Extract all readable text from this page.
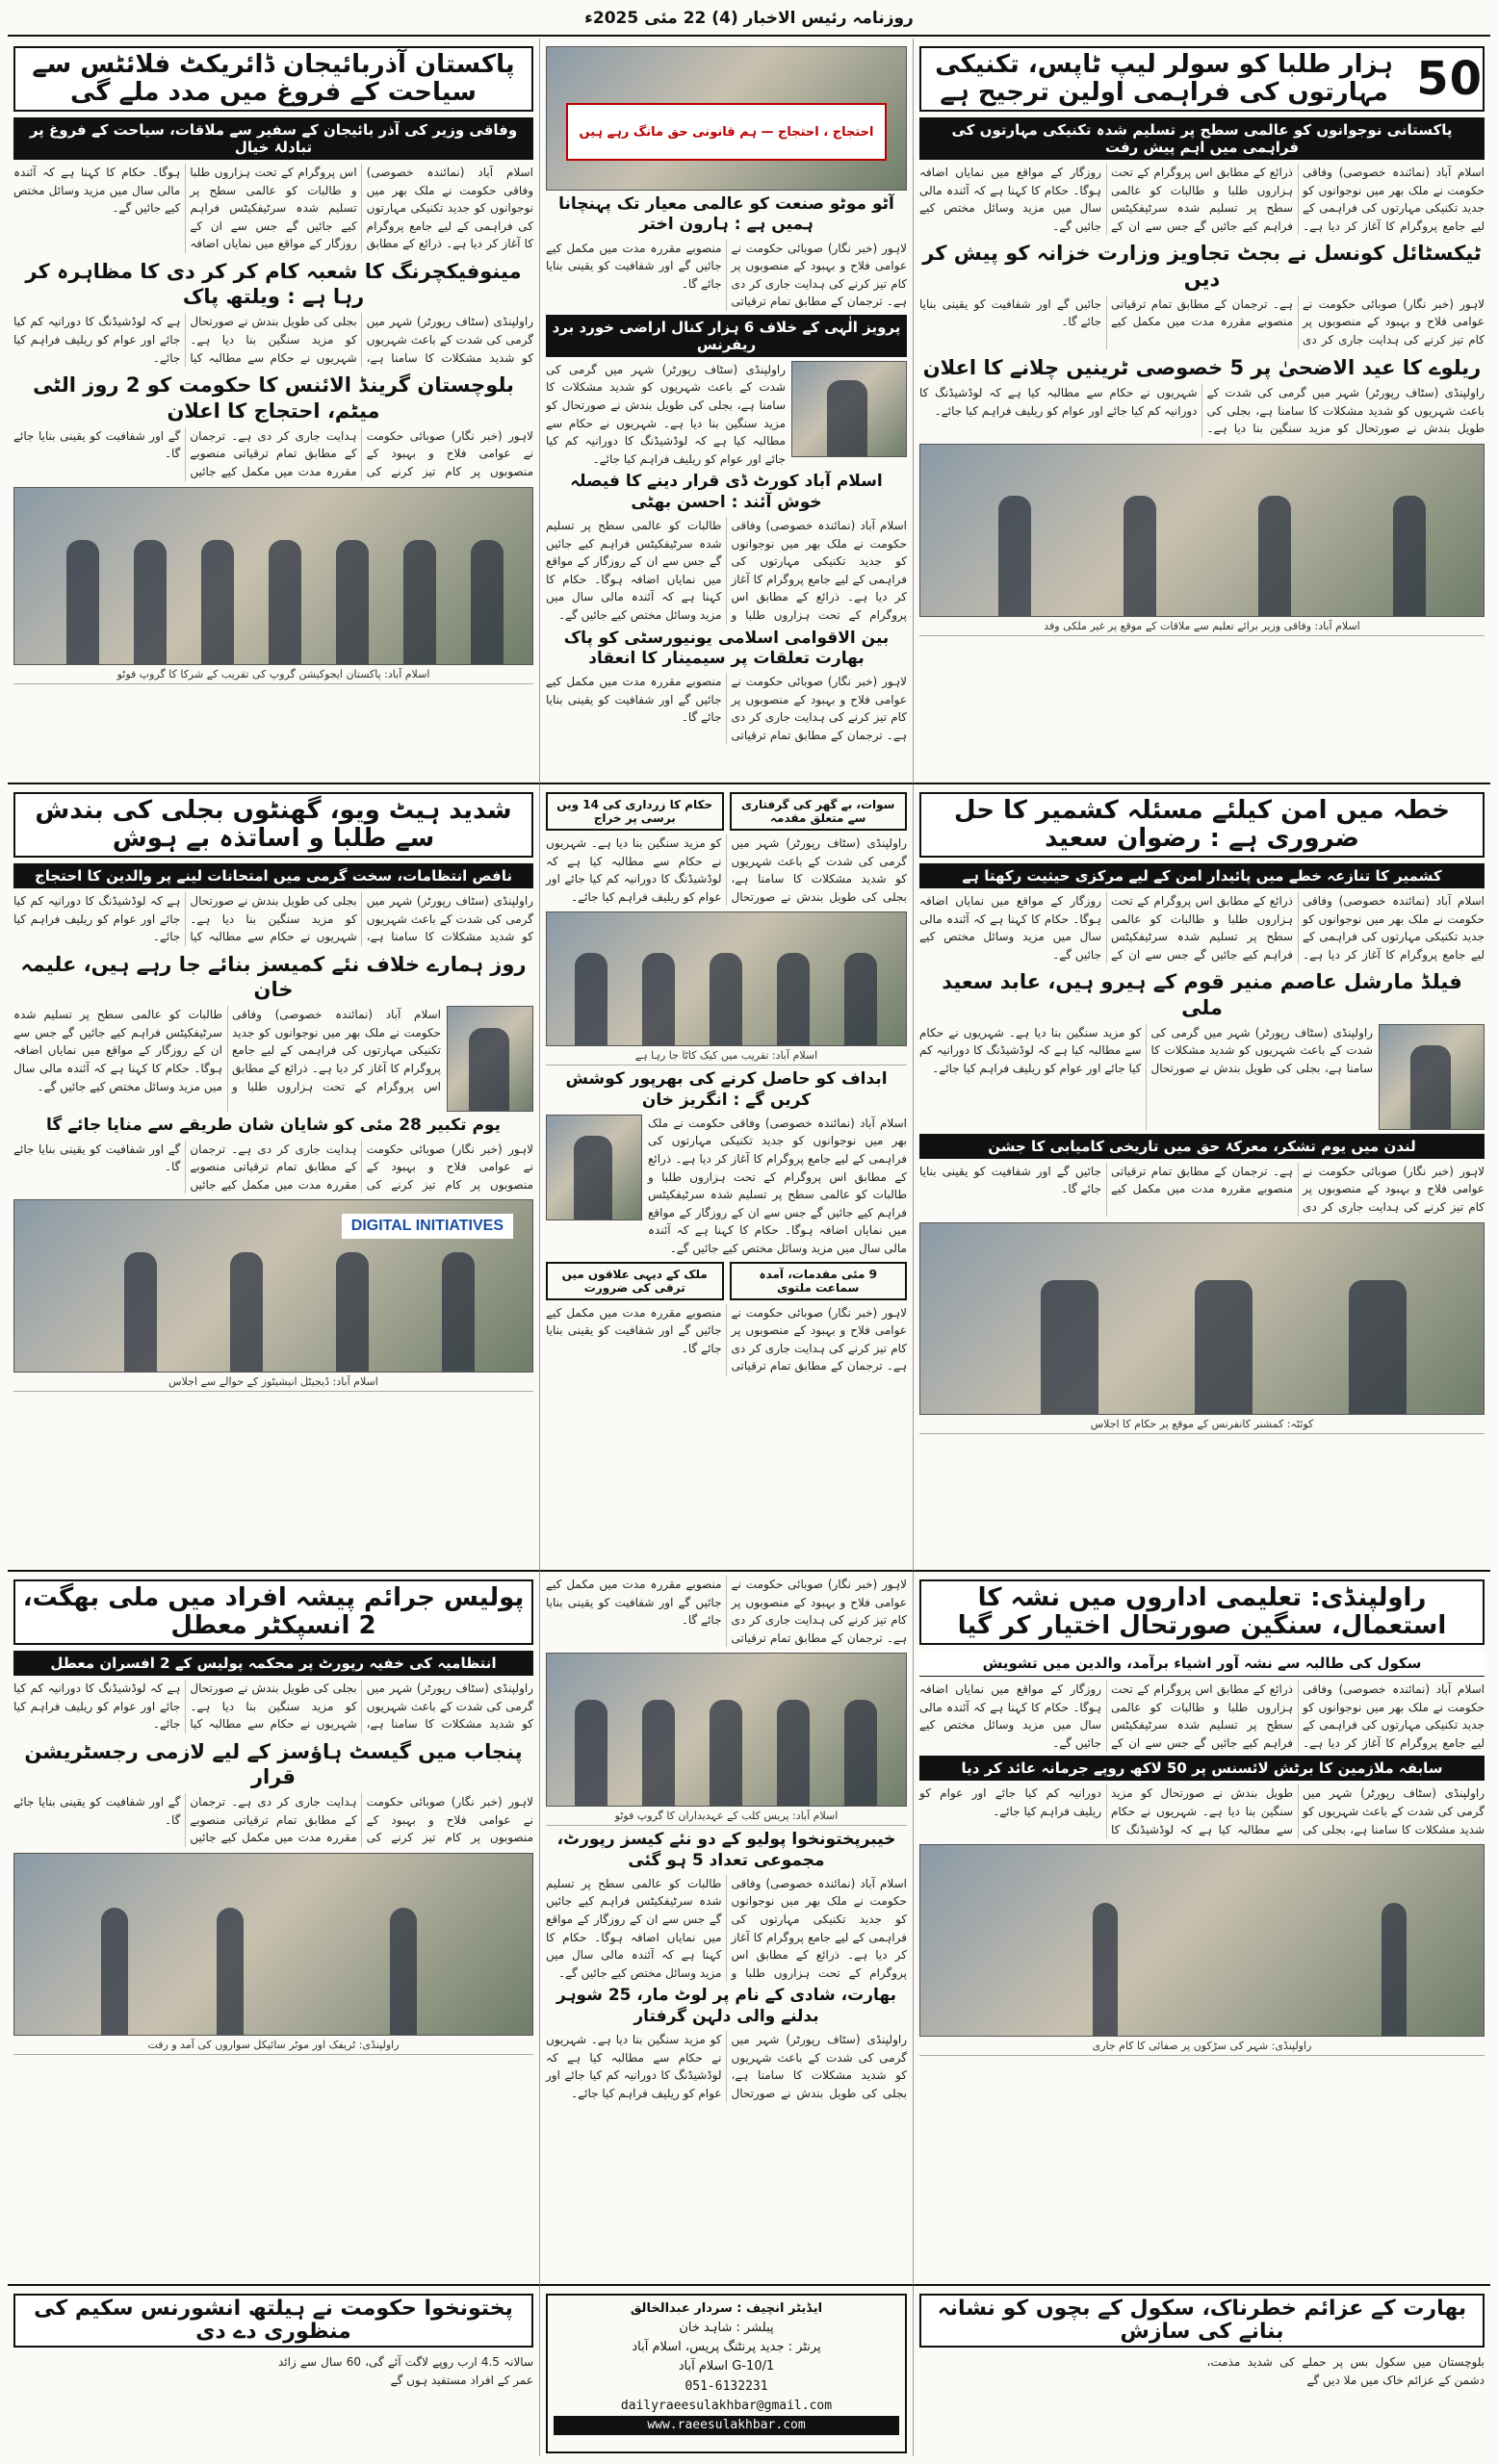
روزنامہ رئیس الاخبار (4) 22 مئی 2025ء
50
ہزار طلبا کو سولر لیپ ٹاپس، تکنیکی مہارتوں کی فراہمی اولین ترجیح ہے
پاکستانی نوجوانوں کو عالمی سطح پر تسلیم شدہ تکنیکی مہارتوں کی فراہمی میں اہم پیش رفت
اسلام آباد (نمائندہ خصوصی) وفاقی حکومت نے ملک بھر میں نوجوانوں کو جدید تکنیکی مہارتوں کی فراہمی کے لیے جامع پروگرام کا آغاز کر دیا ہے۔ ذرائع کے مطابق اس پروگرام کے تحت ہزاروں طلبا و طالبات کو عالمی سطح پر تسلیم شدہ سرٹیفکیٹس فراہم کیے جائیں گے جس سے ان کے روزگار کے مواقع میں نمایاں اضافہ ہوگا۔ حکام کا کہنا ہے کہ آئندہ مالی سال میں مزید وسائل مختص کیے جائیں گے۔
ٹیکسٹائل کونسل نے بجٹ تجاویز وزارت خزانہ کو پیش کر دیں
لاہور (خبر نگار) صوبائی حکومت نے عوامی فلاح و بہبود کے منصوبوں پر کام تیز کرنے کی ہدایت جاری کر دی ہے۔ ترجمان کے مطابق تمام ترقیاتی منصوبے مقررہ مدت میں مکمل کیے جائیں گے اور شفافیت کو یقینی بنایا جائے گا۔
ریلوے کا عید الاضحیٰ پر 5 خصوصی ٹرینیں چلانے کا اعلان
راولپنڈی (سٹاف رپورٹر) شہر میں گرمی کی شدت کے باعث شہریوں کو شدید مشکلات کا سامنا ہے، بجلی کی طویل بندش نے صورتحال کو مزید سنگین بنا دیا ہے۔ شہریوں نے حکام سے مطالبہ کیا ہے کہ لوڈشیڈنگ کا دورانیہ کم کیا جائے اور عوام کو ریلیف فراہم کیا جائے۔
اسلام آباد: وفاقی وزیر برائے تعلیم سے ملاقات کے موقع پر غیر ملکی وفد
احتجاج ، احتجاج — ہم قانونی حق مانگ رہے ہیں
آٹو موٹو صنعت کو عالمی معیار تک پہنچانا ہمیں ہے : ہارون اختر
لاہور (خبر نگار) صوبائی حکومت نے عوامی فلاح و بہبود کے منصوبوں پر کام تیز کرنے کی ہدایت جاری کر دی ہے۔ ترجمان کے مطابق تمام ترقیاتی منصوبے مقررہ مدت میں مکمل کیے جائیں گے اور شفافیت کو یقینی بنایا جائے گا۔
پرویز الٰہی کے خلاف 6 ہزار کنال اراضی خورد برد ریفرنس
راولپنڈی (سٹاف رپورٹر) شہر میں گرمی کی شدت کے باعث شہریوں کو شدید مشکلات کا سامنا ہے، بجلی کی طویل بندش نے صورتحال کو مزید سنگین بنا دیا ہے۔ شہریوں نے حکام سے مطالبہ کیا ہے کہ لوڈشیڈنگ کا دورانیہ کم کیا جائے اور عوام کو ریلیف فراہم کیا جائے۔
اسلام آباد کورٹ ڈی قرار دینے کا فیصلہ خوش آئند : احسن بھٹی
اسلام آباد (نمائندہ خصوصی) وفاقی حکومت نے ملک بھر میں نوجوانوں کو جدید تکنیکی مہارتوں کی فراہمی کے لیے جامع پروگرام کا آغاز کر دیا ہے۔ ذرائع کے مطابق اس پروگرام کے تحت ہزاروں طلبا و طالبات کو عالمی سطح پر تسلیم شدہ سرٹیفکیٹس فراہم کیے جائیں گے جس سے ان کے روزگار کے مواقع میں نمایاں اضافہ ہوگا۔ حکام کا کہنا ہے کہ آئندہ مالی سال میں مزید وسائل مختص کیے جائیں گے۔
بین الاقوامی اسلامی یونیورسٹی کو پاک بھارت تعلقات پر سیمینار کا انعقاد
لاہور (خبر نگار) صوبائی حکومت نے عوامی فلاح و بہبود کے منصوبوں پر کام تیز کرنے کی ہدایت جاری کر دی ہے۔ ترجمان کے مطابق تمام ترقیاتی منصوبے مقررہ مدت میں مکمل کیے جائیں گے اور شفافیت کو یقینی بنایا جائے گا۔
پاکستان آذربائیجان ڈائریکٹ فلائٹس سے سیاحت کے فروغ میں مدد ملے گی
وفاقی وزیر کی آذر بائیجان کے سفیر سے ملاقات، سیاحت کے فروغ پر تبادلۂ خیال
اسلام آباد (نمائندہ خصوصی) وفاقی حکومت نے ملک بھر میں نوجوانوں کو جدید تکنیکی مہارتوں کی فراہمی کے لیے جامع پروگرام کا آغاز کر دیا ہے۔ ذرائع کے مطابق اس پروگرام کے تحت ہزاروں طلبا و طالبات کو عالمی سطح پر تسلیم شدہ سرٹیفکیٹس فراہم کیے جائیں گے جس سے ان کے روزگار کے مواقع میں نمایاں اضافہ ہوگا۔ حکام کا کہنا ہے کہ آئندہ مالی سال میں مزید وسائل مختص کیے جائیں گے۔
مینوفیکچرنگ کا شعبہ کام کر کر دی کا مظاہرہ کر رہا ہے : ویلتھ پاک
راولپنڈی (سٹاف رپورٹر) شہر میں گرمی کی شدت کے باعث شہریوں کو شدید مشکلات کا سامنا ہے، بجلی کی طویل بندش نے صورتحال کو مزید سنگین بنا دیا ہے۔ شہریوں نے حکام سے مطالبہ کیا ہے کہ لوڈشیڈنگ کا دورانیہ کم کیا جائے اور عوام کو ریلیف فراہم کیا جائے۔
بلوچستان گرینڈ الائنس کا حکومت کو 2 روز الٹی میٹم، احتجاج کا اعلان
لاہور (خبر نگار) صوبائی حکومت نے عوامی فلاح و بہبود کے منصوبوں پر کام تیز کرنے کی ہدایت جاری کر دی ہے۔ ترجمان کے مطابق تمام ترقیاتی منصوبے مقررہ مدت میں مکمل کیے جائیں گے اور شفافیت کو یقینی بنایا جائے گا۔
اسلام آباد: پاکستان ایجوکیشن گروپ کی تقریب کے شرکا کا گروپ فوٹو
خطہ میں امن کیلئے مسئلہ کشمیر کا حل ضروری ہے : رضوان سعید
کشمیر کا تنازعہ خطے میں پائیدار امن کے لیے مرکزی حیثیت رکھتا ہے
اسلام آباد (نمائندہ خصوصی) وفاقی حکومت نے ملک بھر میں نوجوانوں کو جدید تکنیکی مہارتوں کی فراہمی کے لیے جامع پروگرام کا آغاز کر دیا ہے۔ ذرائع کے مطابق اس پروگرام کے تحت ہزاروں طلبا و طالبات کو عالمی سطح پر تسلیم شدہ سرٹیفکیٹس فراہم کیے جائیں گے جس سے ان کے روزگار کے مواقع میں نمایاں اضافہ ہوگا۔ حکام کا کہنا ہے کہ آئندہ مالی سال میں مزید وسائل مختص کیے جائیں گے۔
فیلڈ مارشل عاصم منیر قوم کے ہیرو ہیں، عابد سعید ملی
راولپنڈی (سٹاف رپورٹر) شہر میں گرمی کی شدت کے باعث شہریوں کو شدید مشکلات کا سامنا ہے، بجلی کی طویل بندش نے صورتحال کو مزید سنگین بنا دیا ہے۔ شہریوں نے حکام سے مطالبہ کیا ہے کہ لوڈشیڈنگ کا دورانیہ کم کیا جائے اور عوام کو ریلیف فراہم کیا جائے۔
لندن میں یوم تشکر، معرکۂ حق میں تاریخی کامیابی کا جشن
لاہور (خبر نگار) صوبائی حکومت نے عوامی فلاح و بہبود کے منصوبوں پر کام تیز کرنے کی ہدایت جاری کر دی ہے۔ ترجمان کے مطابق تمام ترقیاتی منصوبے مقررہ مدت میں مکمل کیے جائیں گے اور شفافیت کو یقینی بنایا جائے گا۔
کوئٹہ: کمشنر کانفرنس کے موقع پر حکام کا اجلاس
سوات، بے گھر کی گرفتاری سے متعلق مقدمہ
حکام کا زرداری کی 14 ویں برسی پر خراج
راولپنڈی (سٹاف رپورٹر) شہر میں گرمی کی شدت کے باعث شہریوں کو شدید مشکلات کا سامنا ہے، بجلی کی طویل بندش نے صورتحال کو مزید سنگین بنا دیا ہے۔ شہریوں نے حکام سے مطالبہ کیا ہے کہ لوڈشیڈنگ کا دورانیہ کم کیا جائے اور عوام کو ریلیف فراہم کیا جائے۔
اسلام آباد: تقریب میں کیک کاٹا جا رہا ہے
ابداف کو حاصل کرنے کی بھرپور کوشش کریں گے : انگریز خان
اسلام آباد (نمائندہ خصوصی) وفاقی حکومت نے ملک بھر میں نوجوانوں کو جدید تکنیکی مہارتوں کی فراہمی کے لیے جامع پروگرام کا آغاز کر دیا ہے۔ ذرائع کے مطابق اس پروگرام کے تحت ہزاروں طلبا و طالبات کو عالمی سطح پر تسلیم شدہ سرٹیفکیٹس فراہم کیے جائیں گے جس سے ان کے روزگار کے مواقع میں نمایاں اضافہ ہوگا۔ حکام کا کہنا ہے کہ آئندہ مالی سال میں مزید وسائل مختص کیے جائیں گے۔
9 مئی مقدمات، آمدہ سماعت ملتوی
ملک کے دیہی علاقوں میں ترقی کی ضرورت
لاہور (خبر نگار) صوبائی حکومت نے عوامی فلاح و بہبود کے منصوبوں پر کام تیز کرنے کی ہدایت جاری کر دی ہے۔ ترجمان کے مطابق تمام ترقیاتی منصوبے مقررہ مدت میں مکمل کیے جائیں گے اور شفافیت کو یقینی بنایا جائے گا۔
شدید ہیٹ ویو، گھنٹوں بجلی کی بندش سے طلبا و اساتذہ بے ہوش
نافص انتظامات، سخت گرمی میں امتحانات لینے پر والدین کا احتجاج
راولپنڈی (سٹاف رپورٹر) شہر میں گرمی کی شدت کے باعث شہریوں کو شدید مشکلات کا سامنا ہے، بجلی کی طویل بندش نے صورتحال کو مزید سنگین بنا دیا ہے۔ شہریوں نے حکام سے مطالبہ کیا ہے کہ لوڈشیڈنگ کا دورانیہ کم کیا جائے اور عوام کو ریلیف فراہم کیا جائے۔
روز ہمارے خلاف نئے کمیسز بنائے جا رہے ہیں، علیمہ خان
اسلام آباد (نمائندہ خصوصی) وفاقی حکومت نے ملک بھر میں نوجوانوں کو جدید تکنیکی مہارتوں کی فراہمی کے لیے جامع پروگرام کا آغاز کر دیا ہے۔ ذرائع کے مطابق اس پروگرام کے تحت ہزاروں طلبا و طالبات کو عالمی سطح پر تسلیم شدہ سرٹیفکیٹس فراہم کیے جائیں گے جس سے ان کے روزگار کے مواقع میں نمایاں اضافہ ہوگا۔ حکام کا کہنا ہے کہ آئندہ مالی سال میں مزید وسائل مختص کیے جائیں گے۔
یوم تکبیر 28 مئی کو شایان شان طریقے سے منایا جائے گا
لاہور (خبر نگار) صوبائی حکومت نے عوامی فلاح و بہبود کے منصوبوں پر کام تیز کرنے کی ہدایت جاری کر دی ہے۔ ترجمان کے مطابق تمام ترقیاتی منصوبے مقررہ مدت میں مکمل کیے جائیں گے اور شفافیت کو یقینی بنایا جائے گا۔
DIGITAL INITIATIVES
اسلام آباد: ڈیجیٹل انیشیٹوز کے حوالے سے اجلاس
راولپنڈی: تعلیمی اداروں میں نشہ کا استعمال، سنگین صورتحال اختیار کر گیا
سکول کی طالبہ سے نشہ آور اشیاء برآمد، والدین میں تشویش
اسلام آباد (نمائندہ خصوصی) وفاقی حکومت نے ملک بھر میں نوجوانوں کو جدید تکنیکی مہارتوں کی فراہمی کے لیے جامع پروگرام کا آغاز کر دیا ہے۔ ذرائع کے مطابق اس پروگرام کے تحت ہزاروں طلبا و طالبات کو عالمی سطح پر تسلیم شدہ سرٹیفکیٹس فراہم کیے جائیں گے جس سے ان کے روزگار کے مواقع میں نمایاں اضافہ ہوگا۔ حکام کا کہنا ہے کہ آئندہ مالی سال میں مزید وسائل مختص کیے جائیں گے۔
سابقہ ملازمین کا برٹش لائسنس پر 50 لاکھ روپے جرمانہ عائد کر دیا
راولپنڈی (سٹاف رپورٹر) شہر میں گرمی کی شدت کے باعث شہریوں کو شدید مشکلات کا سامنا ہے، بجلی کی طویل بندش نے صورتحال کو مزید سنگین بنا دیا ہے۔ شہریوں نے حکام سے مطالبہ کیا ہے کہ لوڈشیڈنگ کا دورانیہ کم کیا جائے اور عوام کو ریلیف فراہم کیا جائے۔
راولپنڈی: شہر کی سڑکوں پر صفائی کا کام جاری
لاہور (خبر نگار) صوبائی حکومت نے عوامی فلاح و بہبود کے منصوبوں پر کام تیز کرنے کی ہدایت جاری کر دی ہے۔ ترجمان کے مطابق تمام ترقیاتی منصوبے مقررہ مدت میں مکمل کیے جائیں گے اور شفافیت کو یقینی بنایا جائے گا۔
اسلام آباد: پریس کلب کے عہدیداران کا گروپ فوٹو
خیبرپختونخوا پولیو کے دو نئے کیسز رپورٹ، مجموعی تعداد 5 ہو گئی
اسلام آباد (نمائندہ خصوصی) وفاقی حکومت نے ملک بھر میں نوجوانوں کو جدید تکنیکی مہارتوں کی فراہمی کے لیے جامع پروگرام کا آغاز کر دیا ہے۔ ذرائع کے مطابق اس پروگرام کے تحت ہزاروں طلبا و طالبات کو عالمی سطح پر تسلیم شدہ سرٹیفکیٹس فراہم کیے جائیں گے جس سے ان کے روزگار کے مواقع میں نمایاں اضافہ ہوگا۔ حکام کا کہنا ہے کہ آئندہ مالی سال میں مزید وسائل مختص کیے جائیں گے۔
بھارت، شادی کے نام پر لوٹ مار، 25 شوہر بدلنے والی دلہن گرفتار
راولپنڈی (سٹاف رپورٹر) شہر میں گرمی کی شدت کے باعث شہریوں کو شدید مشکلات کا سامنا ہے، بجلی کی طویل بندش نے صورتحال کو مزید سنگین بنا دیا ہے۔ شہریوں نے حکام سے مطالبہ کیا ہے کہ لوڈشیڈنگ کا دورانیہ کم کیا جائے اور عوام کو ریلیف فراہم کیا جائے۔
پولیس جرائم پیشہ افراد میں ملی بھگت، 2 انسپکٹر معطل
انتظامیہ کی خفیہ رپورٹ پر محکمہ پولیس کے 2 افسران معطل
راولپنڈی (سٹاف رپورٹر) شہر میں گرمی کی شدت کے باعث شہریوں کو شدید مشکلات کا سامنا ہے، بجلی کی طویل بندش نے صورتحال کو مزید سنگین بنا دیا ہے۔ شہریوں نے حکام سے مطالبہ کیا ہے کہ لوڈشیڈنگ کا دورانیہ کم کیا جائے اور عوام کو ریلیف فراہم کیا جائے۔
پنجاب میں گیسٹ ہاؤسز کے لیے لازمی رجسٹریشن قرار
لاہور (خبر نگار) صوبائی حکومت نے عوامی فلاح و بہبود کے منصوبوں پر کام تیز کرنے کی ہدایت جاری کر دی ہے۔ ترجمان کے مطابق تمام ترقیاتی منصوبے مقررہ مدت میں مکمل کیے جائیں گے اور شفافیت کو یقینی بنایا جائے گا۔
راولپنڈی: ٹریفک اور موٹر سائیکل سواروں کی آمد و رفت
بھارت کے عزائم خطرناک، سکول کے بچوں کو نشانہ بنانے کی سازش
بلوچستان میں سکول بس پر حملے کی شدید مذمت، دشمن کے عزائم خاک میں ملا دیں گے
ایڈیٹر انچیف : سردار عبدالخالق
پبلشر : شاہد خان
پرنٹر : جدید پرنٹنگ پریس، اسلام آباد
G-10/1 اسلام آباد
051-6132231
dailyraeesulakhbar@gmail.com
www.raeesulakhbar.com
پختونخوا حکومت نے ہیلتھ انشورنس سکیم کی منظوری دے دی
سالانہ 4.5 ارب روپے لاگت آئے گی، 60 سال سے زائد عمر کے افراد مستفید ہوں گے
